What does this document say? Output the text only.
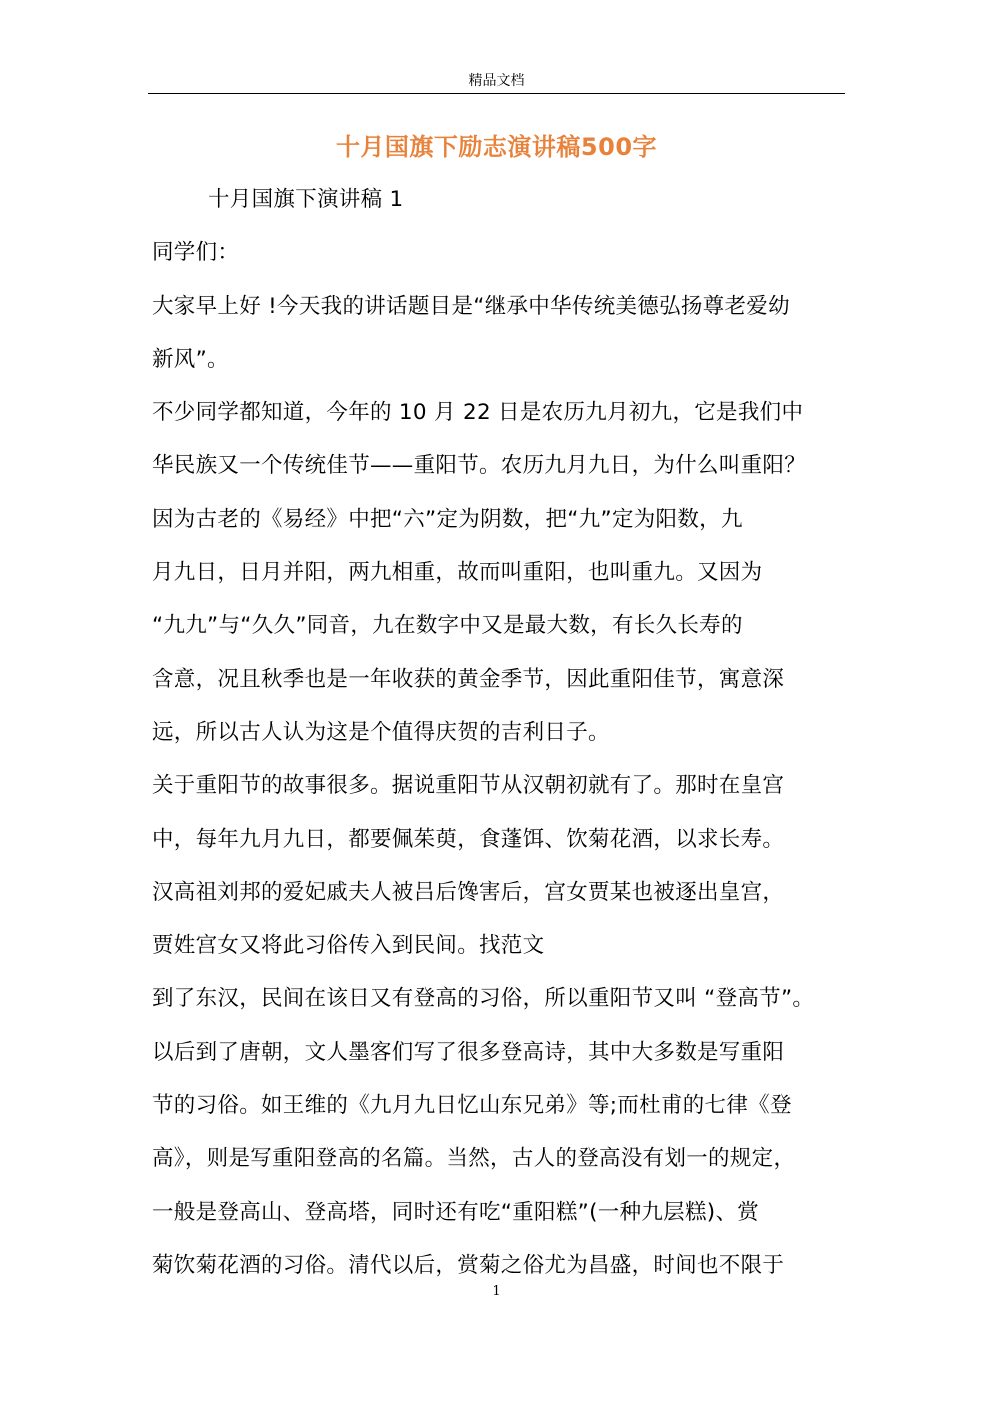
精品文档
十月国旗下励志演讲稿500字
十月国旗下演讲稿 1
同学们：
大家早上好 !今天我的讲话题目是“继承中华传统美德弘扬尊老爱幼
新风”。
不少同学都知道，今年的 10 月 22 日是农历九月初九，它是我们中
华民族又一个传统佳节——重阳节。农历九月九日，为什么叫重阳？
因为古老的《易经》中把“六”定为阴数，把“九”定为阳数，九
月九日，日月并阳，两九相重，故而叫重阳，也叫重九。又因为
“九九”与“久久”同音，九在数字中又是最大数，有长久长寿的
含意，况且秋季也是一年收获的黄金季节，因此重阳佳节，寓意深
远，所以古人认为这是个值得庆贺的吉利日子。
关于重阳节的故事很多。据说重阳节从汉朝初就有了。那时在皇宫
中，每年九月九日，都要佩茱萸，食蓬饵、饮菊花酒，以求长寿。
汉高祖刘邦的爱妃戚夫人被吕后馋害后，宫女贾某也被逐出皇宫，
贾姓宫女又将此习俗传入到民间。找范文
到了东汉，民间在该日又有登高的习俗，所以重阳节又叫 “登高节”。
以后到了唐朝，文人墨客们写了很多登高诗，其中大多数是写重阳
节的习俗。如王维的《九月九日忆山东兄弟》等;而杜甫的七律《登
高》，则是写重阳登高的名篇。当然，古人的登高没有划一的规定，
一般是登高山、登高塔，同时还有吃“重阳糕”(一种九层糕)、赏
菊饮菊花酒的习俗。清代以后，赏菊之俗尤为昌盛，时间也不限于
1
